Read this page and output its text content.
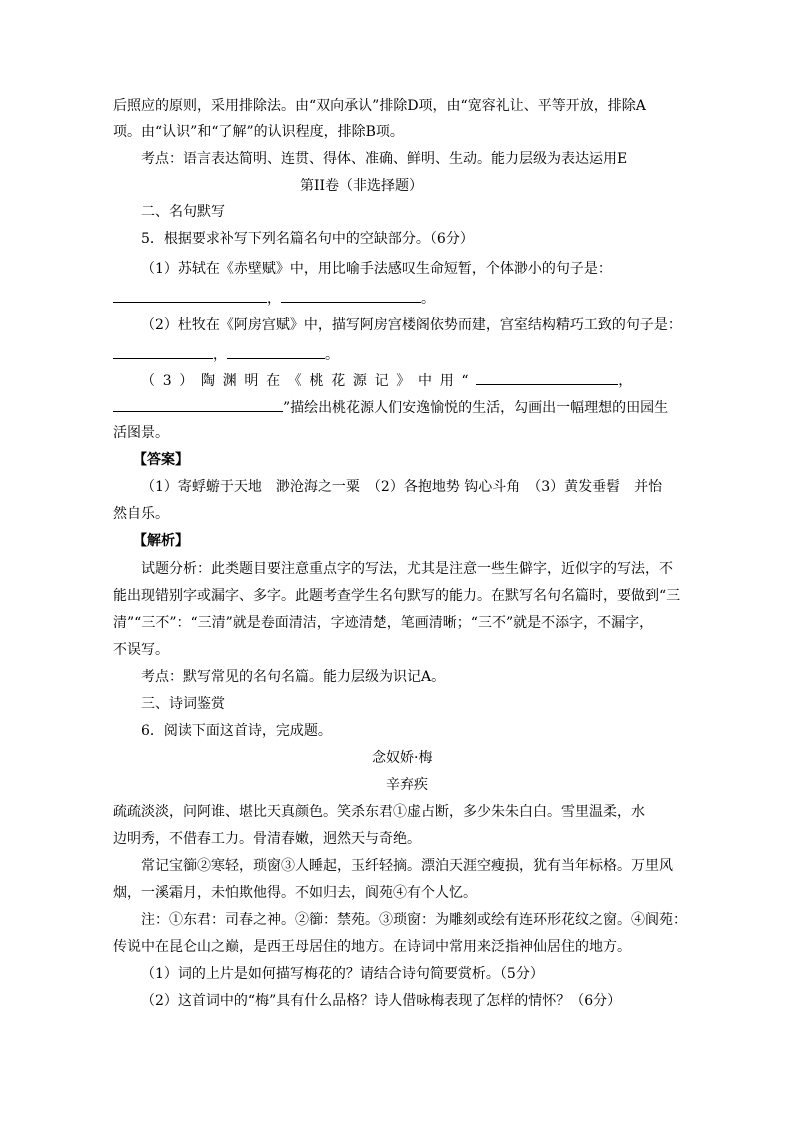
后照应的原则，采用排除法。由“双向承认”排除D项，由“宽容礼让、平等开放，排除A
项。由“认识”和“了解”的认识程度，排除B项。
考点：语言表达简明、连贯、得体、准确、鲜明、生动。能力层级为表达运用E
第II卷（非选择题）
二、名句默写
5．根据要求补写下列名篇名句中的空缺部分。（6分）
（1）苏轼在《赤壁赋》中，用比喻手法感叹生命短暂，个体渺小的句子是：
，	。
（2）杜牧在《阿房宫赋》中，描写阿房宫楼阁依势而建，宫室结构精巧工致的句子是：
，	。
（3）陶渊明在《桃花源记》中用“	，
”描绘出桃花源人们安逸愉悦的生活，勾画出一幅理想的田园生
活图景。
【答案】
（1）寄蜉蝣于天地　渺沧海之一粟　（2）各抱地势 钩心斗角　（3）黄发垂髫　并怡
然自乐。
【解析】
试题分析：此类题目要注意重点字的写法，尤其是注意一些生僻字，近似字的写法，不
能出现错别字或漏字、多字。此题考查学生名句默写的能力。在默写名句名篇时，要做到“三
清”“三不”：“三清”就是卷面清洁，字迹清楚，笔画清晰；“三不”就是不添字，不漏字，
不误写。
考点：默写常见的名句名篇。能力层级为识记A。
三、诗词鉴赏
6．阅读下面这首诗，完成题。
念奴娇·梅
辛弃疾
疏疏淡淡，问阿谁、堪比天真颜色。笑杀东君①虚占断，多少朱朱白白。雪里温柔，水
边明秀，不借春工力。骨清春嫩，迥然天与奇绝。
常记宝篽②寒轻，琐窗③人睡起，玉纤轻摘。漂泊天涯空瘦损，犹有当年标格。万里风
烟，一溪霜月，未怕欺他得。不如归去，阆苑④有个人忆。
注：①东君：司春之神。②篽：禁苑。③琐窗：为雕刻或绘有连环形花纹之窗。④阆苑：
传说中在昆仑山之巅，是西王母居住的地方。在诗词中常用来泛指神仙居住的地方。
（1）词的上片是如何描写梅花的？请结合诗句简要赏析。（5分）
（2）这首词中的“梅”具有什么品格？诗人借咏梅表现了怎样的情怀？（6分）
